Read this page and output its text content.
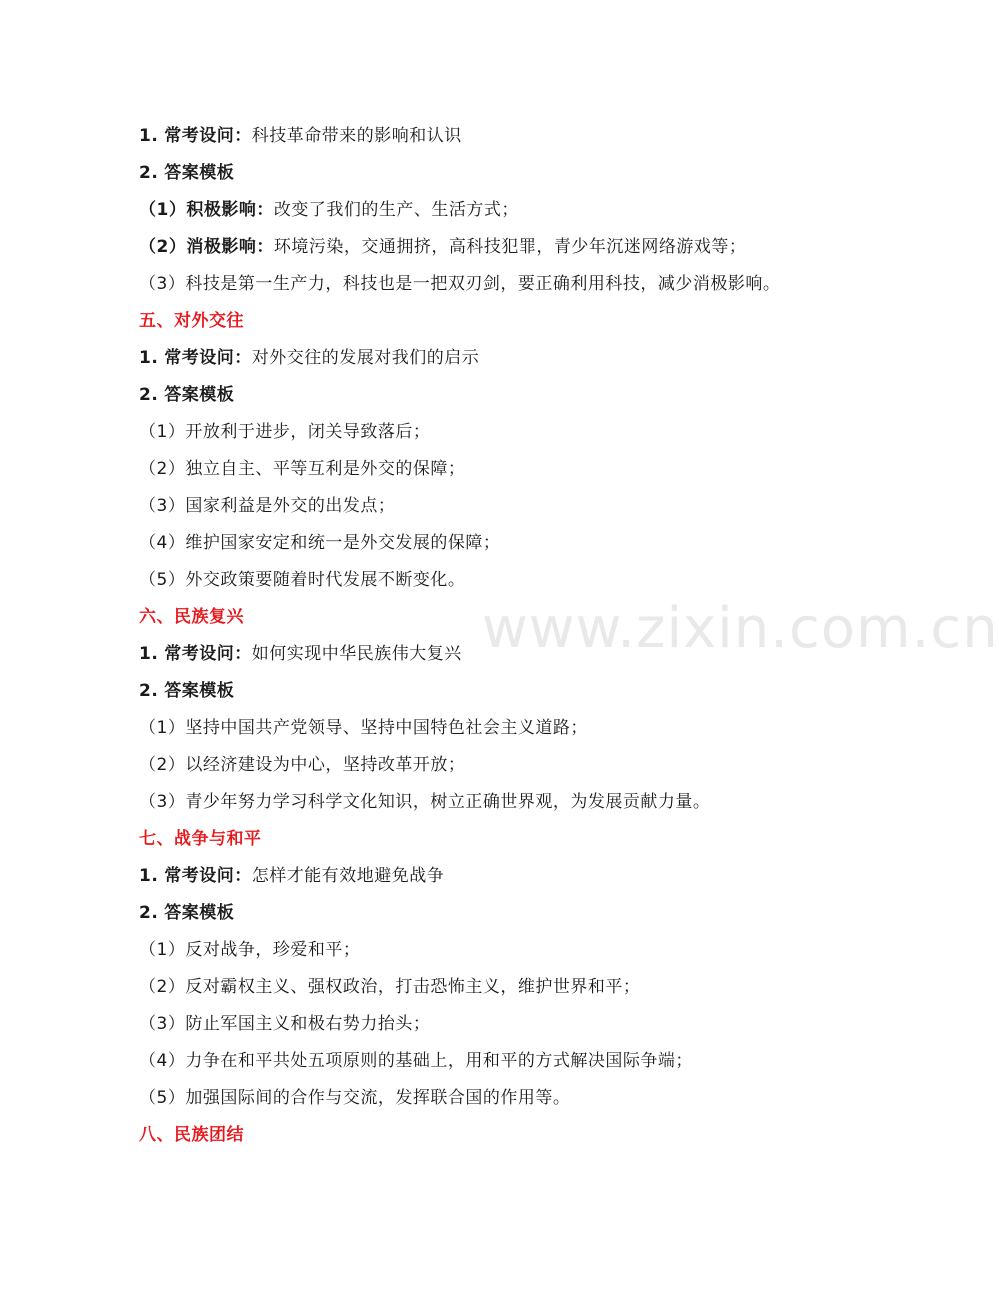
www.zixin.com.cn
1. 常考设问：科技革命带来的影响和认识
2. 答案模板
（1）积极影响：改变了我们的生产、生活方式；
（2）消极影响：环境污染，交通拥挤，高科技犯罪，青少年沉迷网络游戏等；
（3）科技是第一生产力，科技也是一把双刃剑，要正确利用科技，减少消极影响。
五、对外交往
1. 常考设问：对外交往的发展对我们的启示
2. 答案模板
（1）开放利于进步，闭关导致落后；
（2）独立自主、平等互利是外交的保障；
（3）国家利益是外交的出发点；
（4）维护国家安定和统一是外交发展的保障；
（5）外交政策要随着时代发展不断变化。
六、民族复兴
1. 常考设问：如何实现中华民族伟大复兴
2. 答案模板
（1）坚持中国共产党领导、坚持中国特色社会主义道路；
（2）以经济建设为中心，坚持改革开放；
（3）青少年努力学习科学文化知识，树立正确世界观，为发展贡献力量。
七、战争与和平
1. 常考设问：怎样才能有效地避免战争
2. 答案模板
（1）反对战争，珍爱和平；
（2）反对霸权主义、强权政治，打击恐怖主义，维护世界和平；
（3）防止军国主义和极右势力抬头；
（4）力争在和平共处五项原则的基础上，用和平的方式解决国际争端；
（5）加强国际间的合作与交流，发挥联合国的作用等。
八、民族团结
